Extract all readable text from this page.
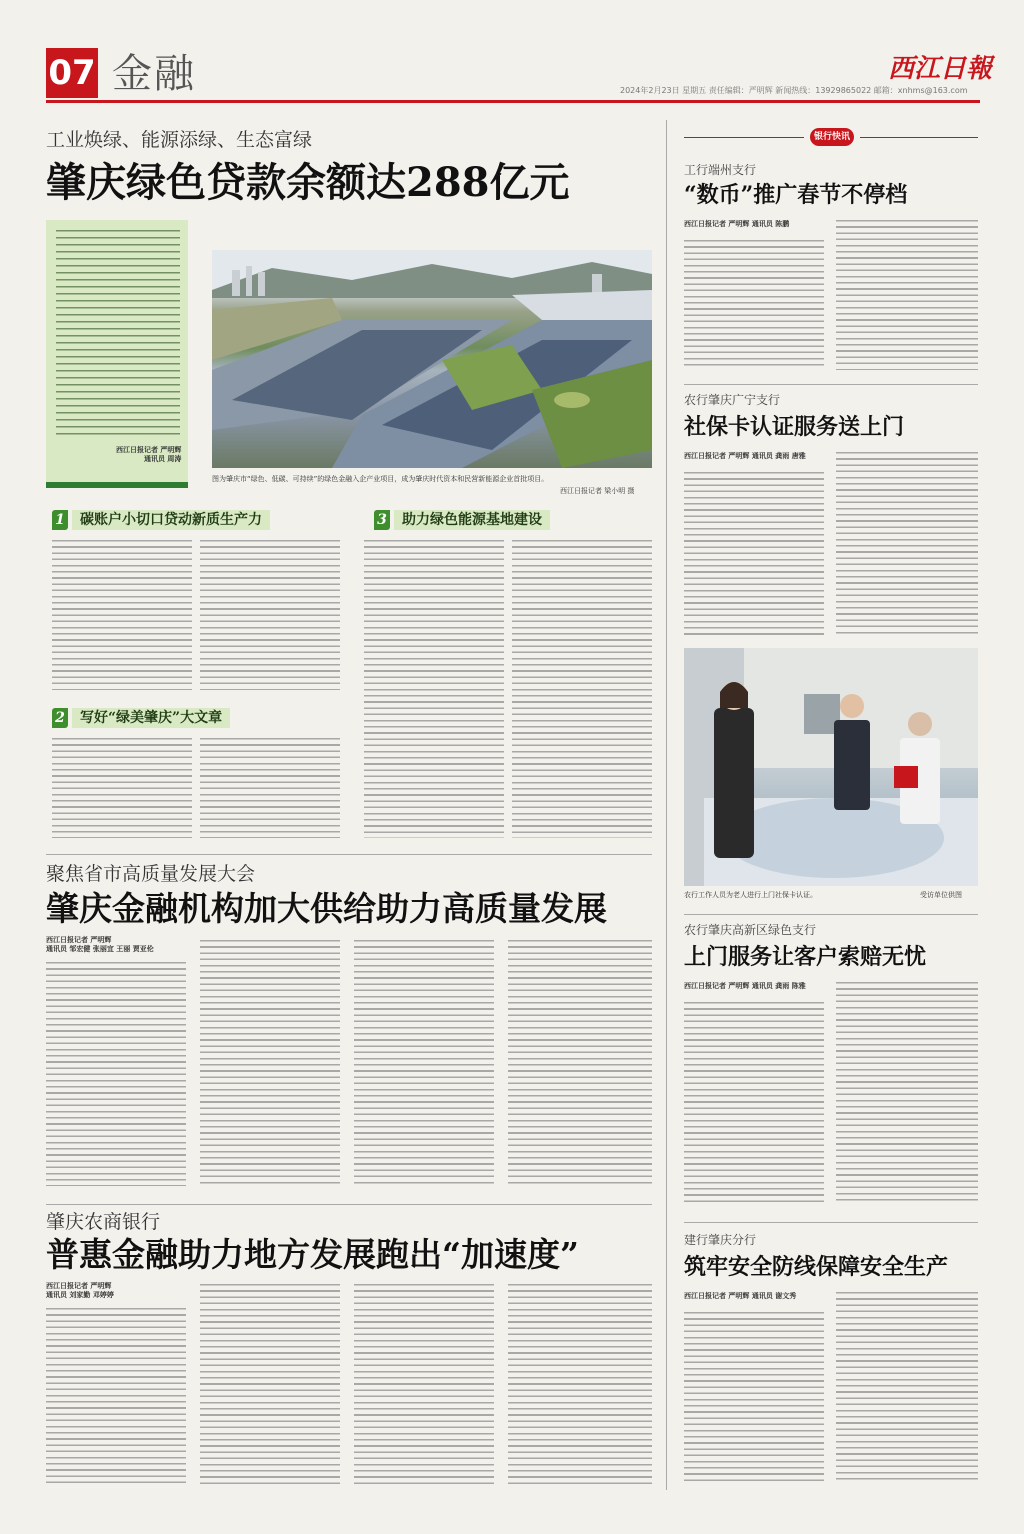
07 金融	2024年2月23日 星期五 责任编辑：严明辉 新闻热线：13929865022 邮箱：xnhms@163.com
西江日報
工业焕绿、能源添绿、生态富绿
肇庆绿色贷款余额达288亿元
西江日报记者 严明辉
通讯员 周涛
图为肇庆市“绿色、低碳、可持续”的绿色金融入企产业项目，成为肇庆时代资本和民营新能源企业首批项目。
西江日报记者 梁小明 摄
1	碳账户小切口贷动新质生产力
2	写好“绿美肇庆”大文章
3	助力绿色能源基地建设
聚焦省市高质量发展大会
肇庆金融机构加大供给助力高质量发展
西江日报记者 严明辉
通讯员 邹宏健 张丽宜 王丽 贾亚伦
肇庆农商银行
普惠金融助力地方发展跑出“加速度”
西江日报记者 严明辉
通讯员 刘家勤 邓婷婷
银行快讯
工行端州支行
“数币”推广春节不停档
西江日报记者 严明辉 通讯员 陈鹏
农行肇庆广宁支行
社保卡认证服务送上门
西江日报记者 严明辉 通讯员 龚雨 唐雅
农行工作人员为老人进行上门社保卡认证。	受访单位供图
农行肇庆高新区绿色支行
上门服务让客户索赔无忧
西江日报记者 严明辉 通讯员 龚雨 陈雅
建行肇庆分行
筑牢安全防线保障安全生产
西江日报记者 严明辉 通讯员 谢文秀
